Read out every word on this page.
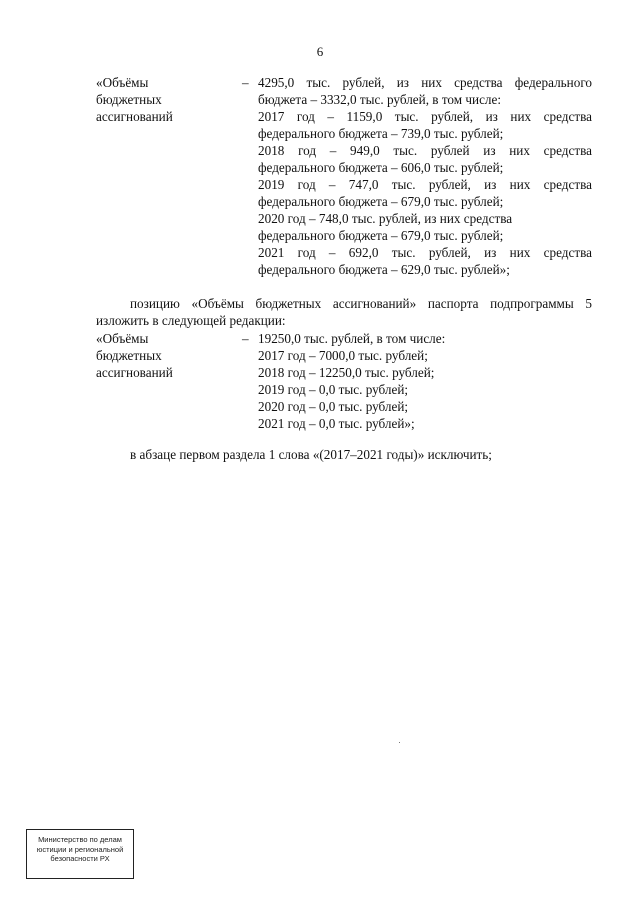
6
«Объёмы
бюджетных
ассигнований
– 4295,0 тыс. рублей, из них средства федерального
бюджета – 3332,0 тыс. рублей, в том числе:
2017 год – 1159,0 тыс. рублей, из них средства
федерального бюджета – 739,0 тыс. рублей;
2018 год – 949,0 тыс. рублей из них средства
федерального бюджета – 606,0 тыс. рублей;
2019 год – 747,0 тыс. рублей, из них средства
федерального бюджета – 679,0 тыс. рублей;
2020 год – 748,0 тыс. рублей, из них средства
федерального бюджета – 679,0 тыс. рублей;
2021 год – 692,0 тыс. рублей, из них средства
федерального бюджета – 629,0 тыс. рублей»;
позицию «Объёмы бюджетных ассигнований» паспорта подпрограммы 5
изложить в следующей редакции:
«Объёмы
бюджетных
ассигнований
– 19250,0 тыс. рублей, в том числе:
2017 год – 7000,0 тыс. рублей;
2018 год – 12250,0 тыс. рублей;
2019 год – 0,0 тыс. рублей;
2020 год – 0,0 тыс. рублей;
2021 год – 0,0 тыс. рублей»;
в абзаце первом раздела 1 слова «(2017–2021 годы)» исключить;
Министерство по делам
юстиции и региональной
безопасности РХ
